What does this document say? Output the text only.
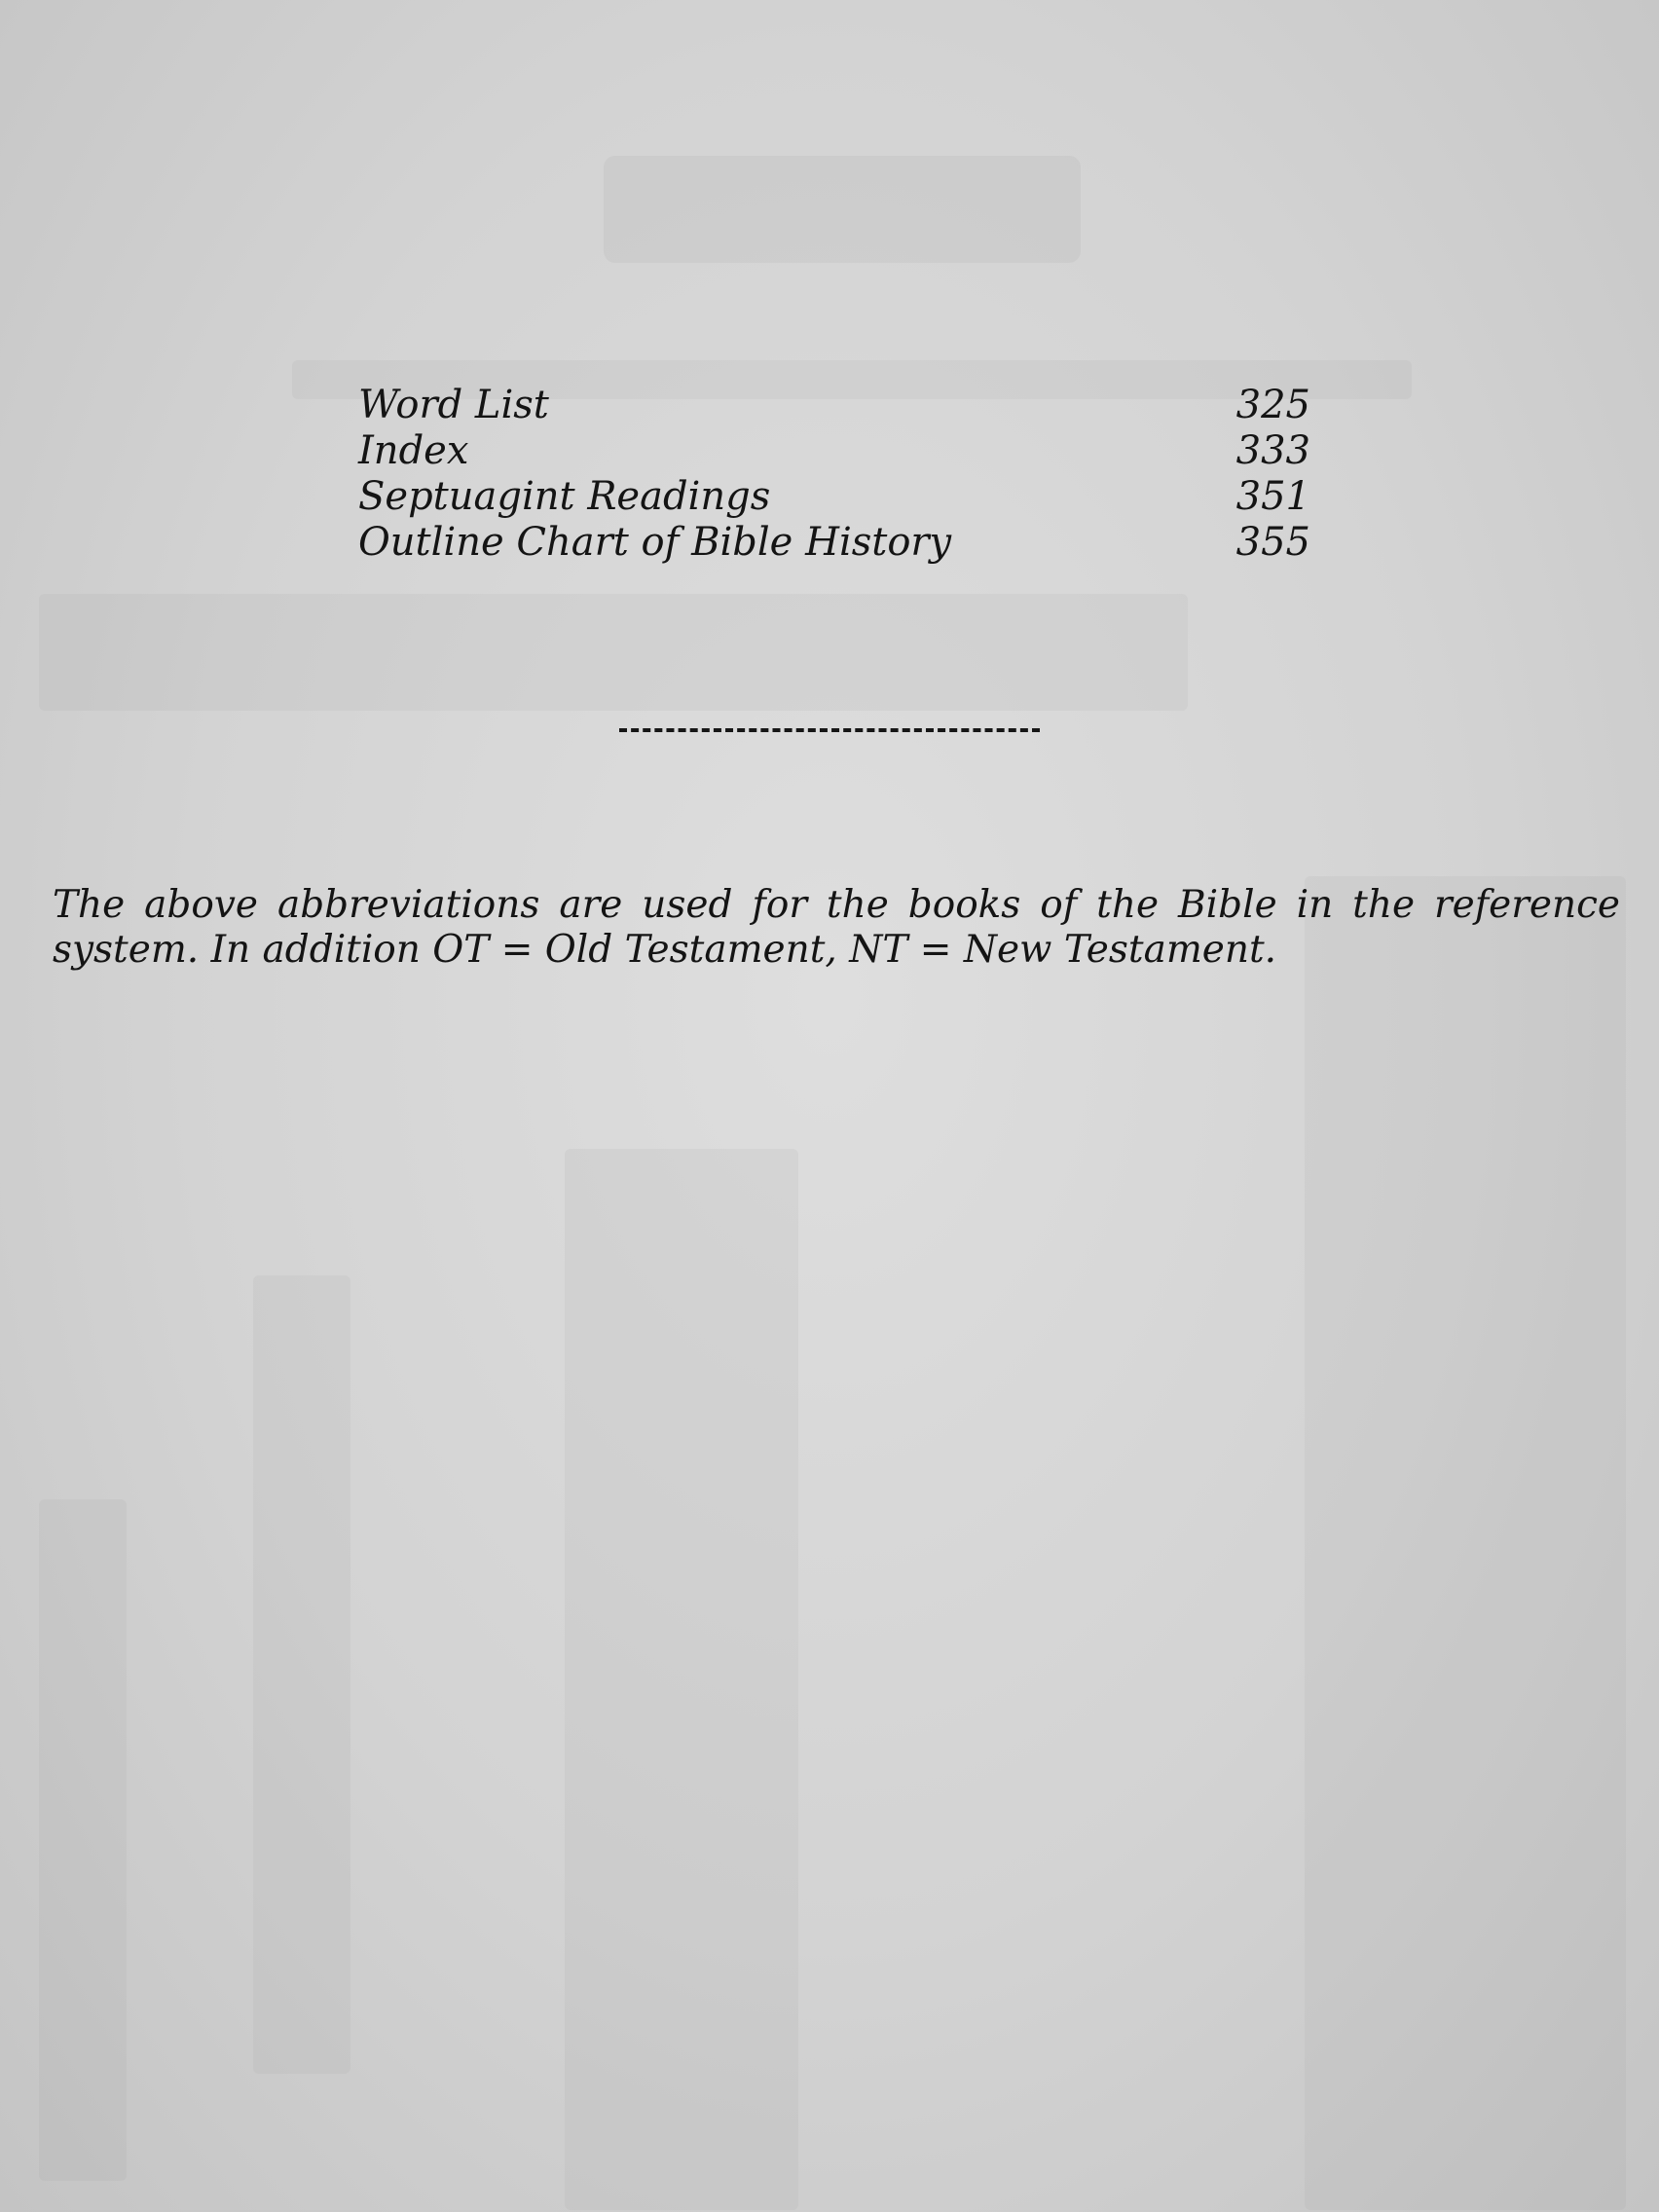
Word List	325
Index	333
Septuagint Readings	351
Outline Chart of Bible History	355

The above abbreviations are used for the books of the Bible in the reference system. In addition OT = Old Testament, NT = New Testament.
